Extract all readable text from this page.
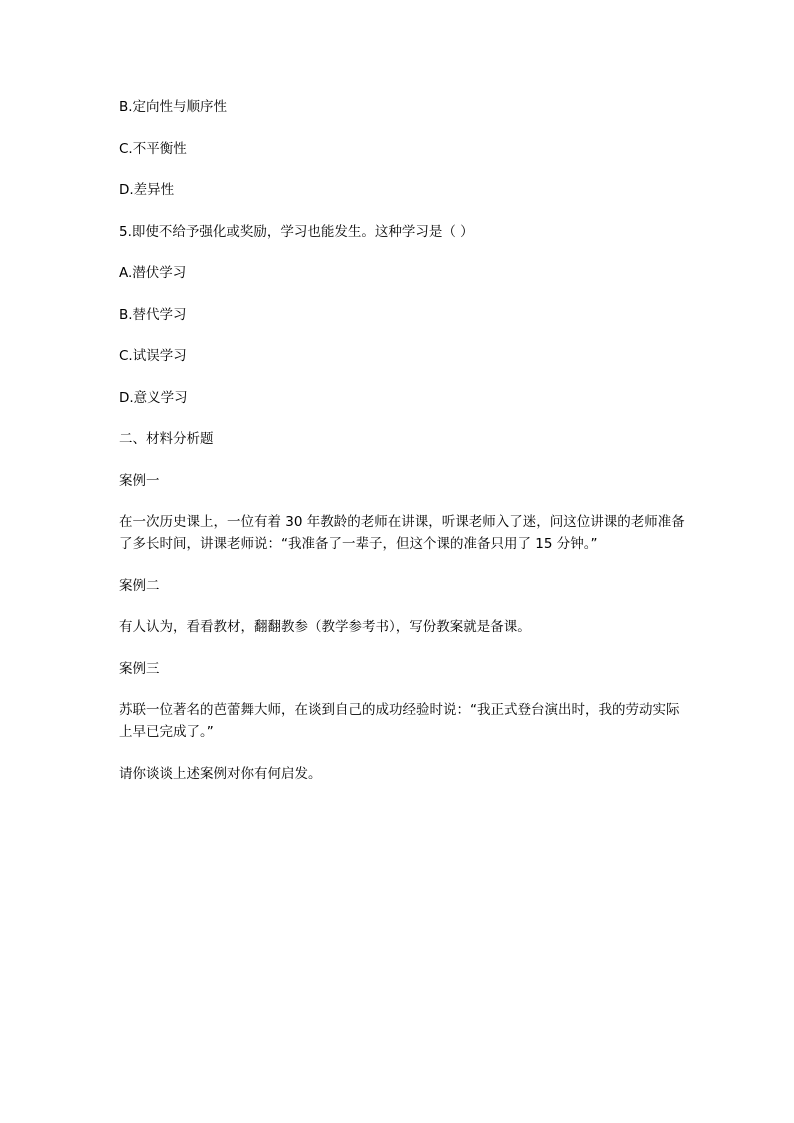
B.定向性与顺序性

C.不平衡性

D.差异性

5.即使不给予强化或奖励，学习也能发生。这种学习是（ ）

A.潜伏学习

B.替代学习

C.试误学习

D.意义学习

二、材料分析题

案例一

在一次历史课上，一位有着 30 年教龄的老师在讲课，听课老师入了迷，问这位讲课的老师准备了多长时间，讲课老师说：“我准备了一辈子，但这个课的准备只用了 15 分钟。”

案例二

有人认为，看看教材，翻翻教参（教学参考书），写份教案就是备课。

案例三

苏联一位著名的芭蕾舞大师，在谈到自己的成功经验时说：“我正式登台演出时，我的劳动实际上早已完成了。”

请你谈谈上述案例对你有何启发。
